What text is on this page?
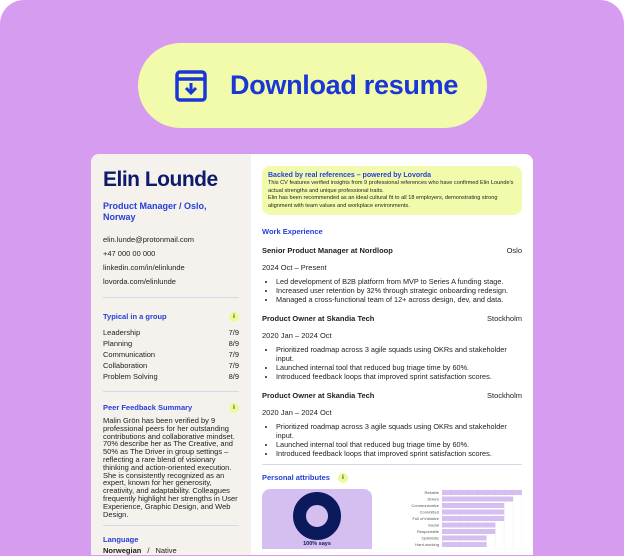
Download resume
Elin Lounde
Product Manager / Oslo, Norway
elin.lunde@protonmail.com
+47 000 00 000
linkedin.com/in/elinlunde
lovorda.com/elinlunde
Typical in a group	i
Leadership	7/9
Planning	8/9
Communication	7/9
Collaboration	7/9
Problem Solving	8/9
Peer Feedback Summary	i
Malin Grön has been verified by 9 professional peers for her outstanding contributions and collaborative mindset. 70% describe her as The Creative, and 50% as The Driver in group settings – reflecting a rare blend of visionary thinking and action-oriented execution. She is consistently recognized as an expert, known for her generosity, creativity, and adaptability. Colleagues frequently highlight her strengths in User Experience, Graphic Design, and Web Design.
Language
Norwegian / Native
Backed by real references – powered by Lovorda
This CV features verified insights from 9 professional references who have confirmed Elin Lounde's actual strengths and unique professional traits.
Elin has been recommended as an ideal cultural fit to all 18 employers, demonstrating strong alignment with team values and workplace environments.
Work Experience
Senior Product Manager at Nordloop	Oslo
2024 Oct – Present
• Led development of B2B platform from MVP to Series A funding stage.
• Increased user retention by 32% through strategic onboarding redesign.
• Managed a cross-functional team of 12+ across design, dev, and data.
Product Owner at Skandia Tech	Stockholm
2020 Jan – 2024 Oct
• Prioritized roadmap across 3 agile squads using OKRs and stakeholder input.
• Launched internal tool that reduced bug triage time by 60%.
• Introduced feedback loops that improved sprint satisfaction scores.
Product Owner at Skandia Tech	Stockholm
2020 Jan – 2024 Oct
• Prioritized roadmap across 3 agile squads using OKRs and stakeholder input.
• Launched internal tool that reduced bug triage time by 60%.
• Introduced feedback loops that improved sprint satisfaction scores.
Personal attributes	i
100% says
Reliable
Driven
Communicative
Committed
Full of initiative
Social
Responsible
Optimistic
Hard-working
